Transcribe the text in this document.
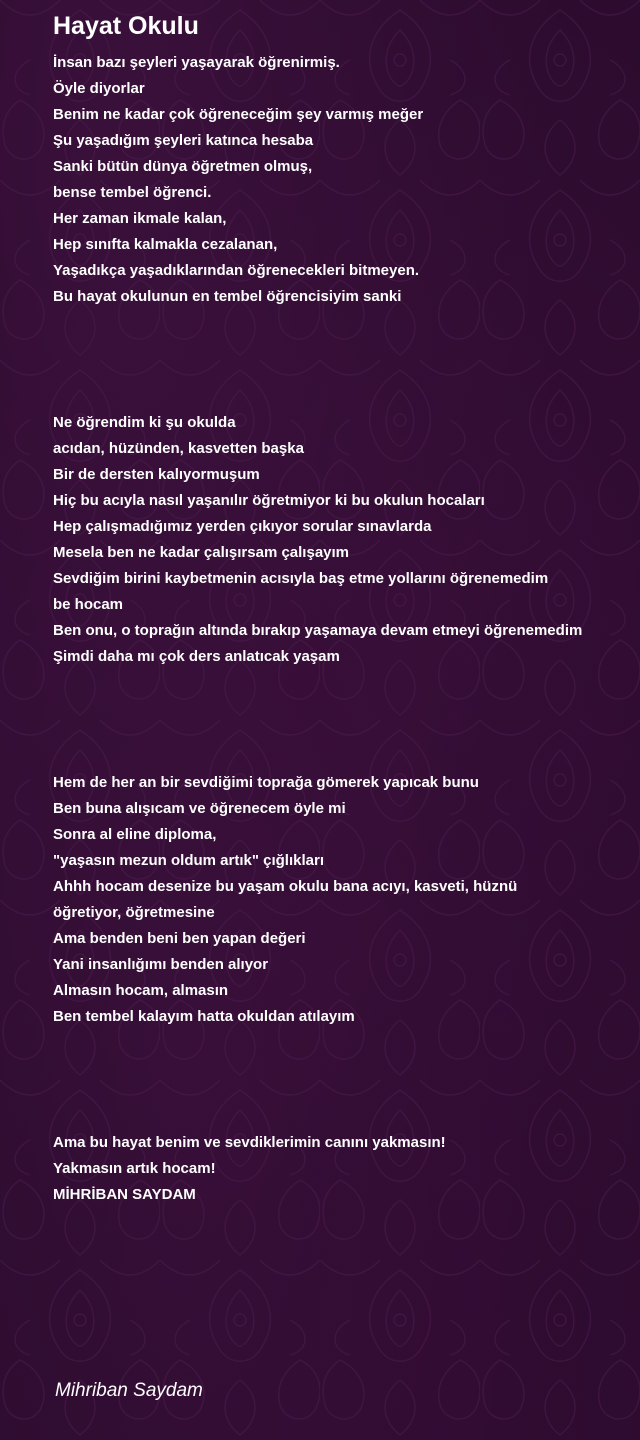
Hayat Okulu
İnsan bazı şeyleri yaşayarak öğrenirmiş.
Öyle diyorlar
Benim ne kadar çok öğreneceğim şey varmış meğer
Şu yaşadığım şeyleri katınca hesaba
Sanki bütün dünya öğretmen olmuş,
bense tembel öğrenci.
Her zaman ikmale kalan,
Hep sınıfta kalmakla cezalanan,
Yaşadıkça yaşadıklarından öğrenecekleri bitmeyen.
Bu hayat okulunun en tembel öğrencisiyim sanki
Ne öğrendim ki şu okulda
acıdan, hüzünden, kasvetten başka
Bir de dersten kalıyormuşum
Hiç bu acıyla nasıl yaşanılır öğretmiyor ki bu okulun hocaları
Hep çalışmadığımız yerden çıkıyor sorular sınavlarda
Mesela ben ne kadar çalışırsam çalışayım
Sevdiğim birini kaybetmenin acısıyla baş etme yollarını öğrenemedim
be hocam
Ben onu, o toprağın altında bırakıp yaşamaya devam etmeyi öğrenemedim
Şimdi daha mı çok ders anlatıcak yaşam
Hem de her an bir sevdiğimi toprağa gömerek yapıcak bunu
Ben buna alışıcam ve öğrenecem öyle mi
Sonra al eline diploma,
"yaşasın mezun oldum artık" çığlıkları
Ahhh hocam desenize bu yaşam okulu bana acıyı, kasveti, hüznü
öğretiyor, öğretmesine
Ama benden beni ben yapan değeri
Yani insanlığımı benden alıyor
Almasın hocam, almasın
Ben tembel kalayım hatta okuldan atılayım
Ama bu hayat benim ve sevdiklerimin canını yakmasın!
Yakmasın artık hocam!
MİHRİBAN SAYDAM
Mihriban Saydam
